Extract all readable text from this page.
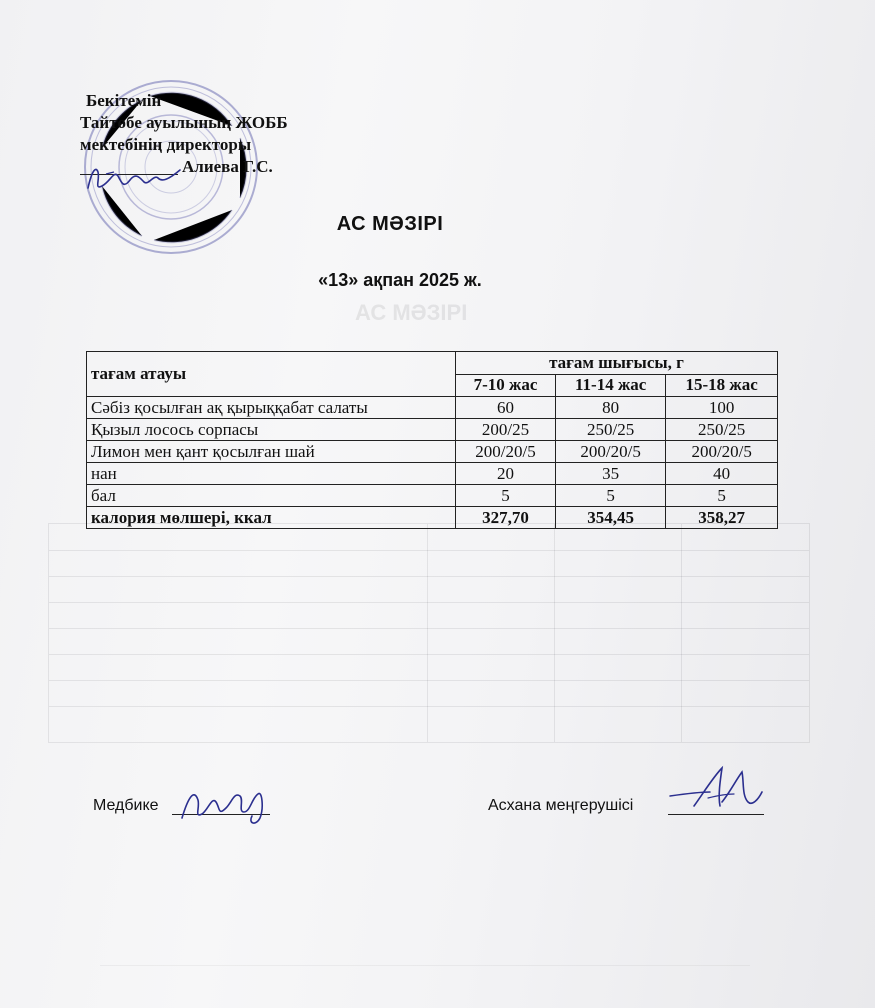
АС МӘЗІРІ
Бекітемін
Тайтөбе ауылының ЖОББ
мектебінің директоры
Алиева Г.С.
АС МӘЗІРІ
«13» ақпан 2025 ж.
тағам атауы	тағам шығысы, г		
	7-10 жас	11-14 жас	15-18 жас
Сәбіз қосылған ақ қырыққабат салаты	60	80	100
Қызыл лосось сорпасы	200/25	250/25	250/25
Лимон мен қант қосылған шай	200/20/5	200/20/5	200/20/5
нан	20	35	40
бал	5	5	5
калория мөлшері, ккал	327,70	354,45	358,27
Медбике	Асхана меңгерушісі
